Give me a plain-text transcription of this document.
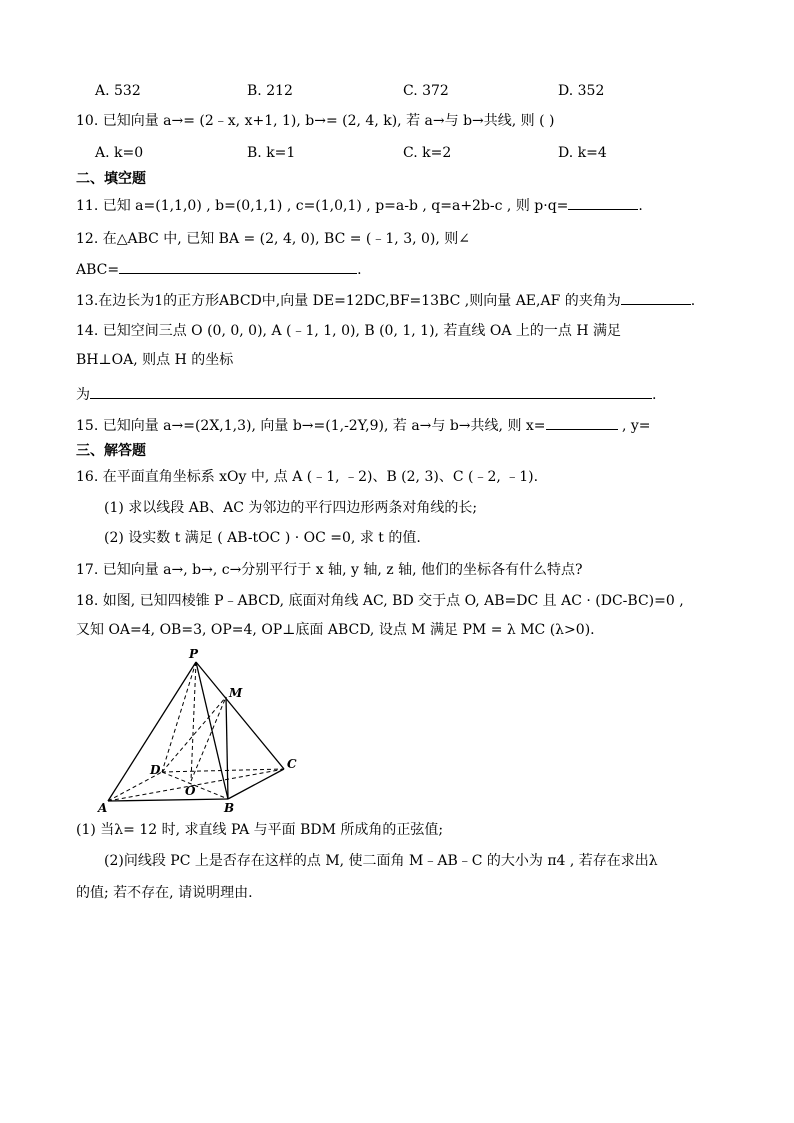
A. 532	B. 212	C. 372	D. 352
10. 已知向量 a→= (2﹣x, x+1, 1), b→= (2, 4, k), 若 a→与 b→共线, 则 ( )
A. k=0	B. k=1	C. k=2	D. k=4
二、填空题
11. 已知 a=(1,1,0) , b=(0,1,1) , c=(1,0,1) , p=a-b , q=a+2b-c , 则 p·q=	.
12. 在△ABC 中, 已知 BA = (2, 4, 0), BC = (﹣1, 3, 0), 则∠
ABC=	.
13.在边长为1的正方形ABCD中,向量 DE=12DC,BF=13BC ,则向量 AE,AF 的夹角为	.
14. 已知空间三点 O (0, 0, 0), A (﹣1, 1, 0), B (0, 1, 1), 若直线 OA 上的一点 H 满足
BH⊥OA, 则点 H 的坐标
为	.
15. 已知向量 a→=(2X,1,3), 向量 b→=(1,-2Y,9), 若 a→与 b→共线, 则 x=	, y=
三、解答题
16. 在平面直角坐标系 xOy 中, 点 A (﹣1, ﹣2)、B (2, 3)、C (﹣2, ﹣1).
(1) 求以线段 AB、AC 为邻边的平行四边形两条对角线的长;
(2) 设实数 t 满足 ( AB-tOC ) · OC =0, 求 t 的值.
17. 已知向量 a→, b→, c→分别平行于 x 轴, y 轴, z 轴, 他们的坐标各有什么特点?
18. 如图, 已知四棱锥 P﹣ABCD, 底面对角线 AC, BD 交于点 O, AB=DC 且 AC · (DC-BC)=0 ,
又知 OA=4, OB=3, OP=4, OP⊥底面 ABCD, 设点 M 满足 PM = λ MC (λ>0).
P
M
D	C
O
A	B
(1) 当λ= 12 时, 求直线 PA 与平面 BDM 所成角的正弦值;
(2)问线段 PC 上是否存在这样的点 M, 使二面角 M﹣AB﹣C 的大小为 π4 , 若存在求出λ
的值; 若不存在, 请说明理由.
